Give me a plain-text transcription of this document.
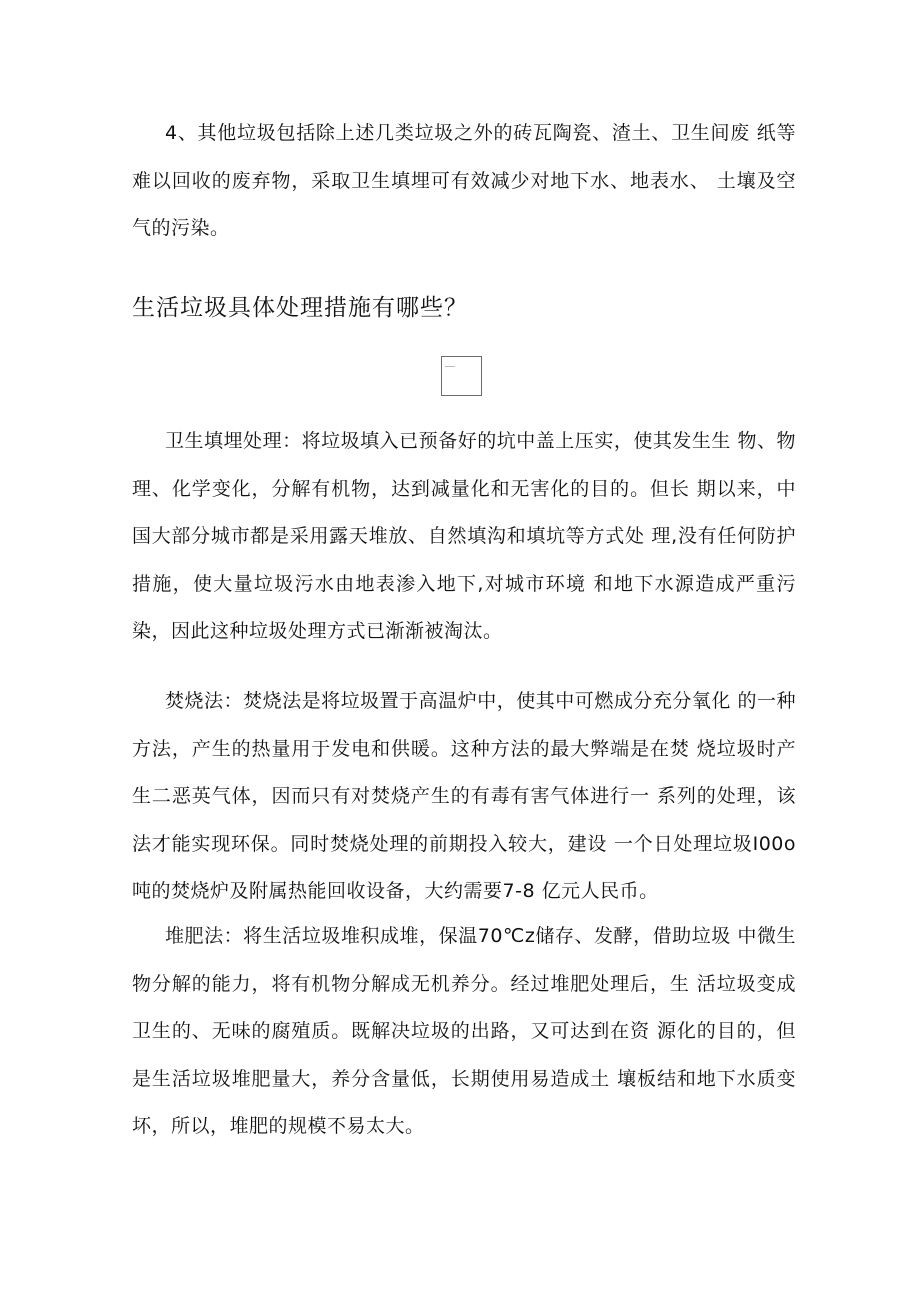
4、其他垃圾包括除上述几类垃圾之外的砖瓦陶瓷、渣土、卫生间废 纸等难以回收的废弃物，采取卫生填埋可有效减少对地下水、地表水、 土壤及空气的污染。

生活垃圾具体处理措施有哪些？

卫生填埋处理：将垃圾填入已预备好的坑中盖上压实，使其发生生 物、物理、化学变化，分解有机物，达到减量化和无害化的目的。但长 期以来，中国大部分城市都是采用露天堆放、自然填沟和填坑等方式处 理,没有任何防护措施，使大量垃圾污水由地表渗入地下,对城市环境 和地下水源造成严重污染，因此这种垃圾处理方式已渐渐被淘汰。

焚烧法：焚烧法是将垃圾置于高温炉中，使其中可燃成分充分氧化 的一种方法，产生的热量用于发电和供暖。这种方法的最大弊端是在焚 烧垃圾时产生二恶英气体，因而只有对焚烧产生的有毒有害气体进行一 系列的处理，该法才能实现环保。同时焚烧处理的前期投入较大，建设 一个日处理垃圾I00o吨的焚烧炉及附属热能回收设备，大约需要7-8 亿元人民币。

堆肥法：将生活垃圾堆积成堆，保温70℃z储存、发酵，借助垃圾 中微生物分解的能力，将有机物分解成无机养分。经过堆肥处理后，生 活垃圾变成卫生的、无味的腐殖质。既解决垃圾的出路，又可达到在资 源化的目的，但是生活垃圾堆肥量大，养分含量低，长期使用易造成土 壤板结和地下水质变坏，所以，堆肥的规模不易太大。
